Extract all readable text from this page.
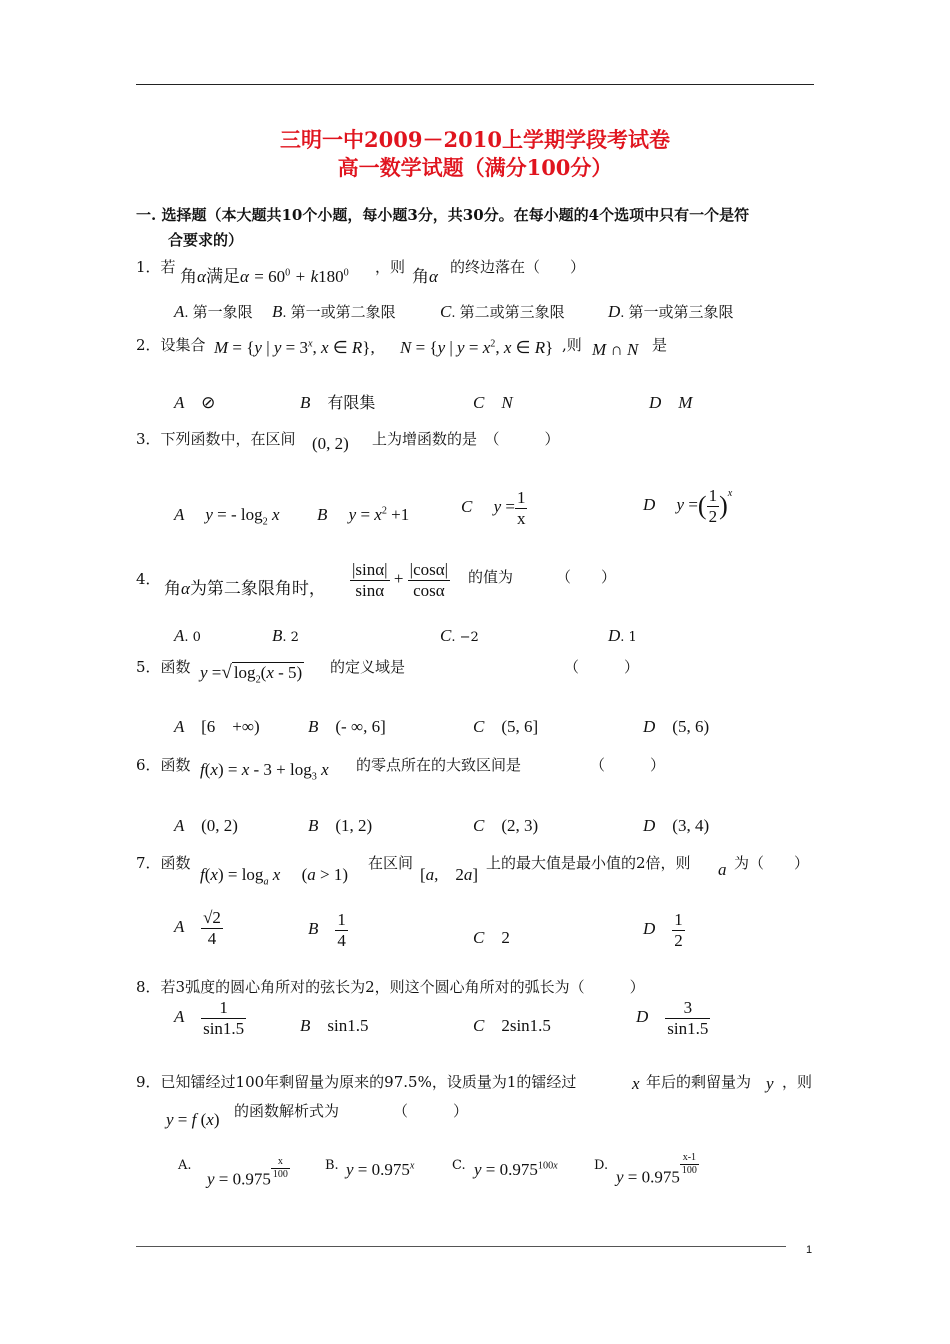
三明一中2009－2010上学期学段考试卷
高一数学试题（满分100分）
一. 选择题（本大题共10个小题，每小题3分，共30分。在每小题的4个选项中只有一个是符
合要求的）
1．若 角α满足$\alpha = 60^0 + k180^0$ ，则 角α 的终边落在（　　）
A. 第一象限 B. 第一或第二象限	C. 第二或第三象限	D. 第一或第三象限
2．设集合 M = {y | $y = 3^x$, x ∈ R}, N = {y | $y = x^2$, x ∈ R} ,则 M ∩ N 是
A　 ⊘	B　 有限集	C　 N	D　 M
3．下列函数中，在区间 (0, 2) 上为增函数的是　（　　　）
A　 y = - $\log_2 x$ B　 $y = x^2 +1$	C　 $y = \frac{1}{x}$	D　 y =( $\frac{1}{2} )^x$
4． 角α为第二象限角时， $\frac{|\sin\alpha|}{\sin\alpha} + \frac{|\cos\alpha|}{\cos\alpha}$ 的值为	（　　）
A. 0	B. 2	C. −2	D. 1
5．函数 y =√ $\log_2(x - 5)$ 的定义域是	（　　　）
A　 [6　+∞)	B　 (- ∞, 6]	C　 (5, 6]	D　 (5, 6)
6．函数 $f(x) = x - 3 + \log_3 x$ 的零点所在的大致区间是	（　　　）
A　 (0, 2)	B　 (1, 2)	C　 (2, 3)	D　 (3, 4)
7．函数
$f(x) = \log_a x$　 (a > 1)
在区间
[a,　2a]
上的最大值是最小值的2倍，则 a 为（　　）
A　 $\frac{√2}{4}$	B　 $\frac{1}{4}$	C　 2	D　 $\frac{1}{2}$
8．若3弧度的圆心角所对的弦长为2，则这个圆心角所对的弧长为（　　　）
A　 $\frac{1}{\sin 1.5}$	B　 sin1.5	C　 2sin1.5	D　 $\frac{3}{\sin 1.5}$
9．已知镭经过100年剩留量为原来的97.5%，设质量为1的镭经过	x 年后的剩留量为 y ，则
y = f (x) 的函数解析式为	（　　　）
A.
y = 0.975 $^{\frac{x}{100}}$	B. $y = 0.975^x$	C. $y = 0.975^{100x}$	D.
y = 0.975
$^{\frac{x-1}{100}}$
1
